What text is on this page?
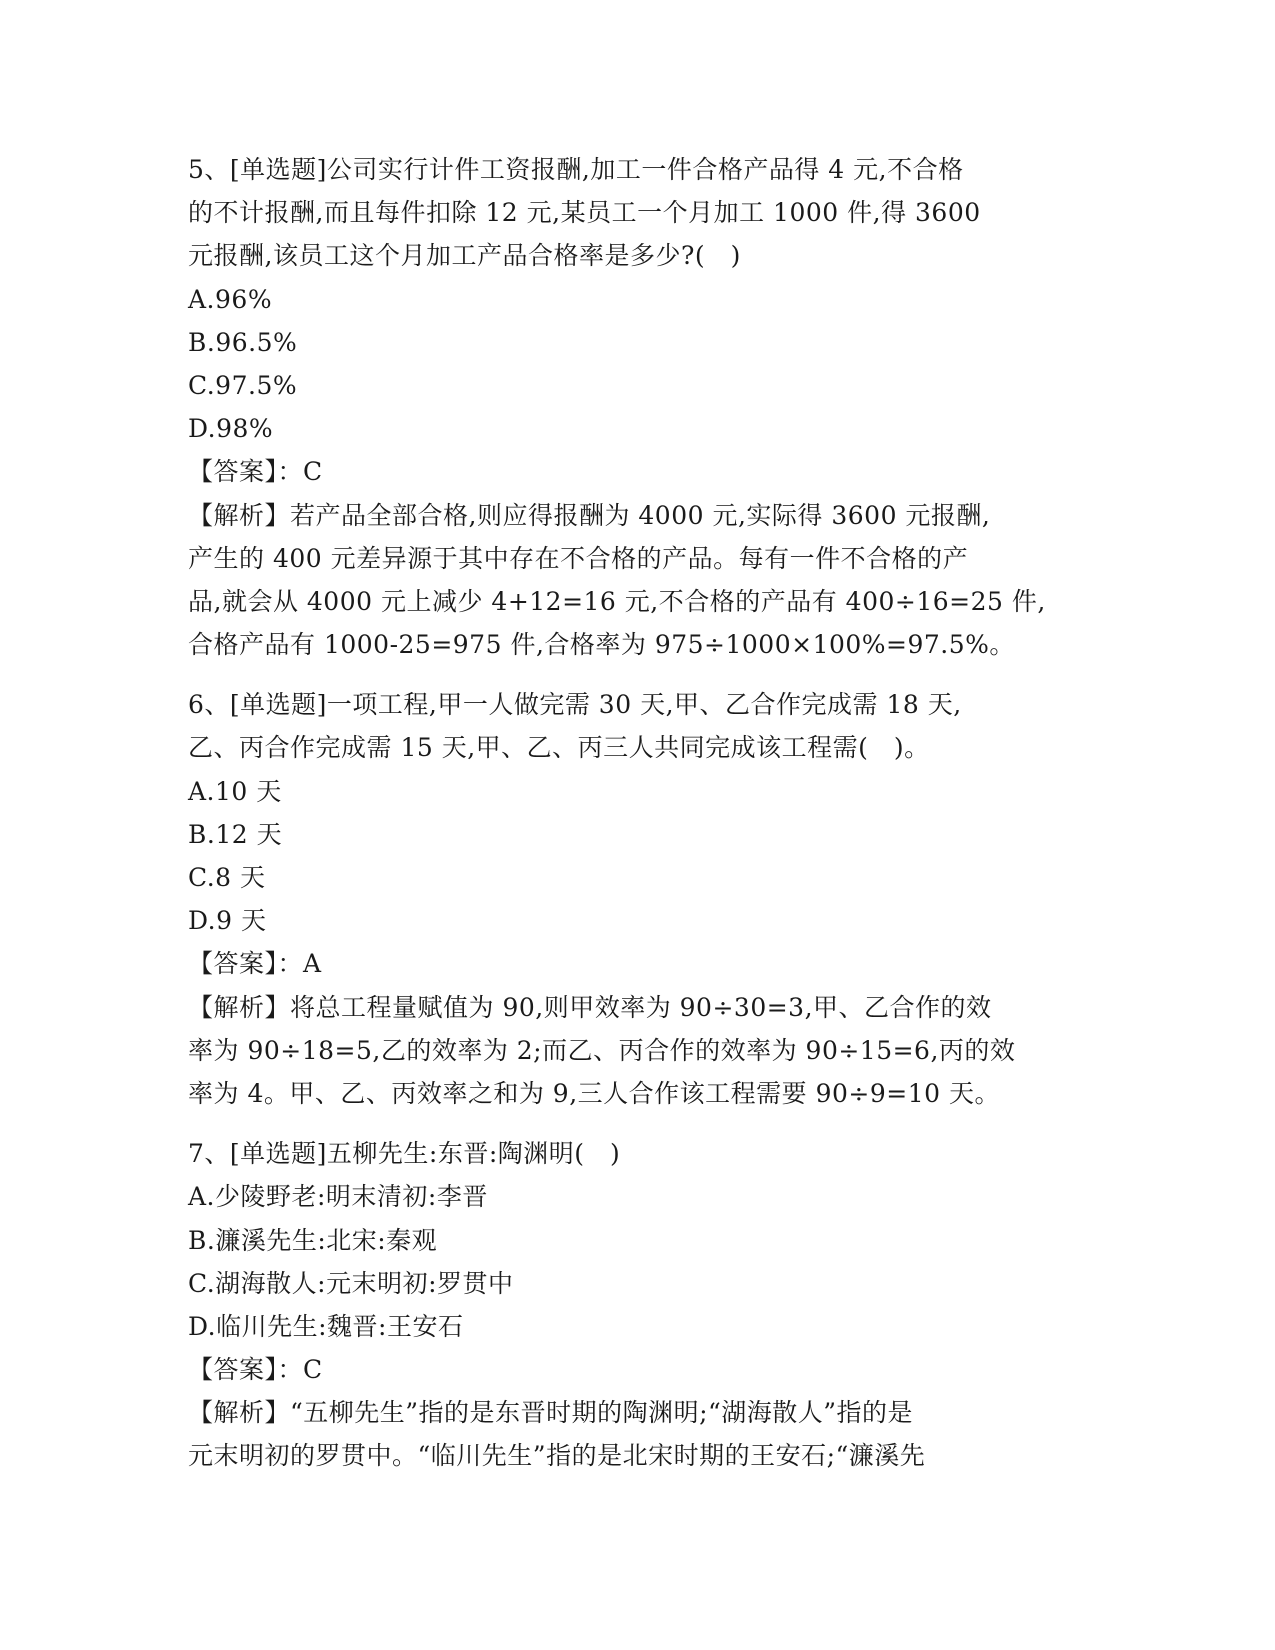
5、[单选题]公司实行计件工资报酬,加工一件合格产品得 4 元,不合格
的不计报酬,而且每件扣除 12 元,某员工一个月加工 1000 件,得 3600
元报酬,该员工这个月加工产品合格率是多少?(　)
A.96%
B.96.5%
C.97.5%
D.98%
【答案】：C
【解析】若产品全部合格,则应得报酬为 4000 元,实际得 3600 元报酬,
产生的 400 元差异源于其中存在不合格的产品。每有一件不合格的产
品,就会从 4000 元上减少 4+12=16 元,不合格的产品有 400÷16=25 件,
合格产品有 1000-25=975 件,合格率为 975÷1000×100%=97.5%。
6、[单选题]一项工程,甲一人做完需 30 天,甲、乙合作完成需 18 天,
乙、丙合作完成需 15 天,甲、乙、丙三人共同完成该工程需(　)。
A.10 天
B.12 天
C.8 天
D.9 天
【答案】：A
【解析】将总工程量赋值为 90,则甲效率为 90÷30=3,甲、乙合作的效
率为 90÷18=5,乙的效率为 2;而乙、丙合作的效率为 90÷15=6,丙的效
率为 4。甲、乙、丙效率之和为 9,三人合作该工程需要 90÷9=10 天。
7、[单选题]五柳先生:东晋:陶渊明(　)
A.少陵野老:明末清初:李晋
B.濂溪先生:北宋:秦观
C.湖海散人:元末明初:罗贯中
D.临川先生:魏晋:王安石
【答案】：C
【解析】“五柳先生”指的是东晋时期的陶渊明;“湖海散人”指的是
元末明初的罗贯中。“临川先生”指的是北宋时期的王安石;“濂溪先
